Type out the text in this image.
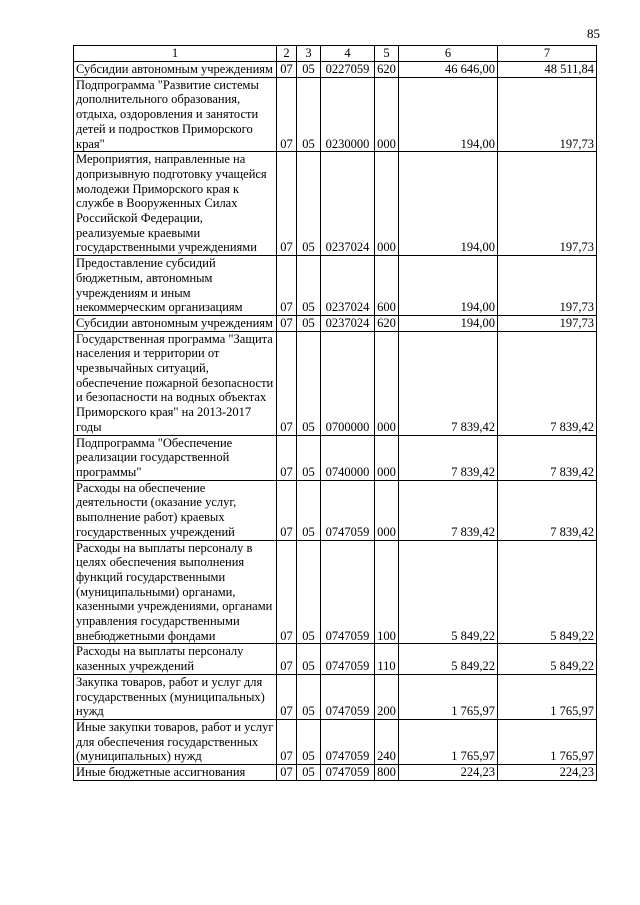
85
1	2	3	4	5	6	7
Субсидии автономным учреждениям	07	05	0227059	620	46 646,00	48 511,84
Подпрограмма "Развитие системы дополнительного образования, отдыха, оздоровления и занятости детей и подростков Приморского края"	07	05	0230000	000	194,00	197,73
Мероприятия, направленные на допризывную подготовку учащейся молодежи Приморского края к службе в Вооруженных Силах Российской Федерации, реализуемые краевыми государственными учреждениями	07	05	0237024	000	194,00	197,73
Предоставление субсидий бюджетным, автономным учреждениям и иным некоммерческим организациям	07	05	0237024	600	194,00	197,73
Субсидии автономным учреждениям	07	05	0237024	620	194,00	197,73
Государственная программа "Защита населения и территории от чрезвычайных ситуаций, обеспечение пожарной безопасности и безопасности на водных объектах Приморского края" на 2013-2017 годы	07	05	0700000	000	7 839,42	7 839,42
Подпрограмма "Обеспечение реализации государственной программы"	07	05	0740000	000	7 839,42	7 839,42
Расходы на обеспечение деятельности (оказание услуг, выполнение работ) краевых государственных учреждений	07	05	0747059	000	7 839,42	7 839,42
Расходы на выплаты персоналу в целях обеспечения выполнения функций государственными (муниципальными) органами, казенными учреждениями, органами управления государственными внебюджетными фондами	07	05	0747059	100	5 849,22	5 849,22
Расходы на выплаты персоналу казенных учреждений	07	05	0747059	110	5 849,22	5 849,22
Закупка товаров, работ и услуг для государственных (муниципальных) нужд	07	05	0747059	200	1 765,97	1 765,97
Иные закупки товаров, работ и услуг для обеспечения государственных (муниципальных) нужд	07	05	0747059	240	1 765,97	1 765,97
Иные бюджетные ассигнования	07	05	0747059	800	224,23	224,23
